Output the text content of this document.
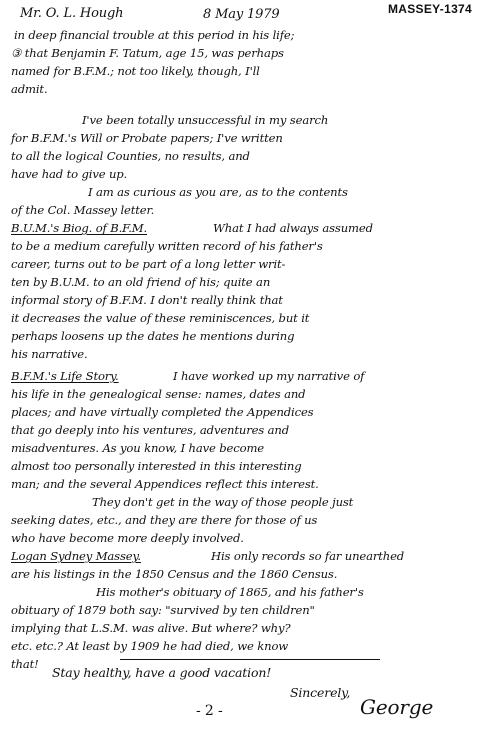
Mr. O. L. Hough	8 May 1979	MASSEY-1374
in deep financial trouble at this period in his life;
③ that Benjamin F. Tatum, age 15, was perhaps
named for B.F.M.; not too likely, though, I'll
admit.
I've been totally unsuccessful in my search
for B.F.M.'s Will or Probate papers; I've written
to all the logical Counties, no results, and
have had to give up.
I am as curious as you are, as to the contents
of the Col. Massey letter.
B.U.M.'s Biog. of B.F.M.	What I had always assumed
to be a medium carefully written record of his father's
career, turns out to be part of a long letter writ-
ten by B.U.M. to an old friend of his; quite an
informal story of B.F.M. I don't really think that
it decreases the value of these reminiscences, but it
perhaps loosens up the dates he mentions during
his narrative.
B.F.M.'s Life Story.	I have worked up my narrative of
his life in the genealogical sense: names, dates and
places; and have virtually completed the Appendices
that go deeply into his ventures, adventures and
misadventures. As you know, I have become
almost too personally interested in this interesting
man; and the several Appendices reflect this interest.
They don't get in the way of those people just
seeking dates, etc., and they are there for those of us
who have become more deeply involved.
Logan Sydney Massey.	His only records so far unearthed
are his listings in the 1850 Census and the 1860 Census.
His mother's obituary of 1865, and his father's
obituary of 1879 both say: "survived by ten children"
implying that L.S.M. was alive. But where? why?
etc. etc.? At least by 1909 he had died, we know
that!
Stay healthy, have a good vacation!
Sincerely,
George
- 2 -
